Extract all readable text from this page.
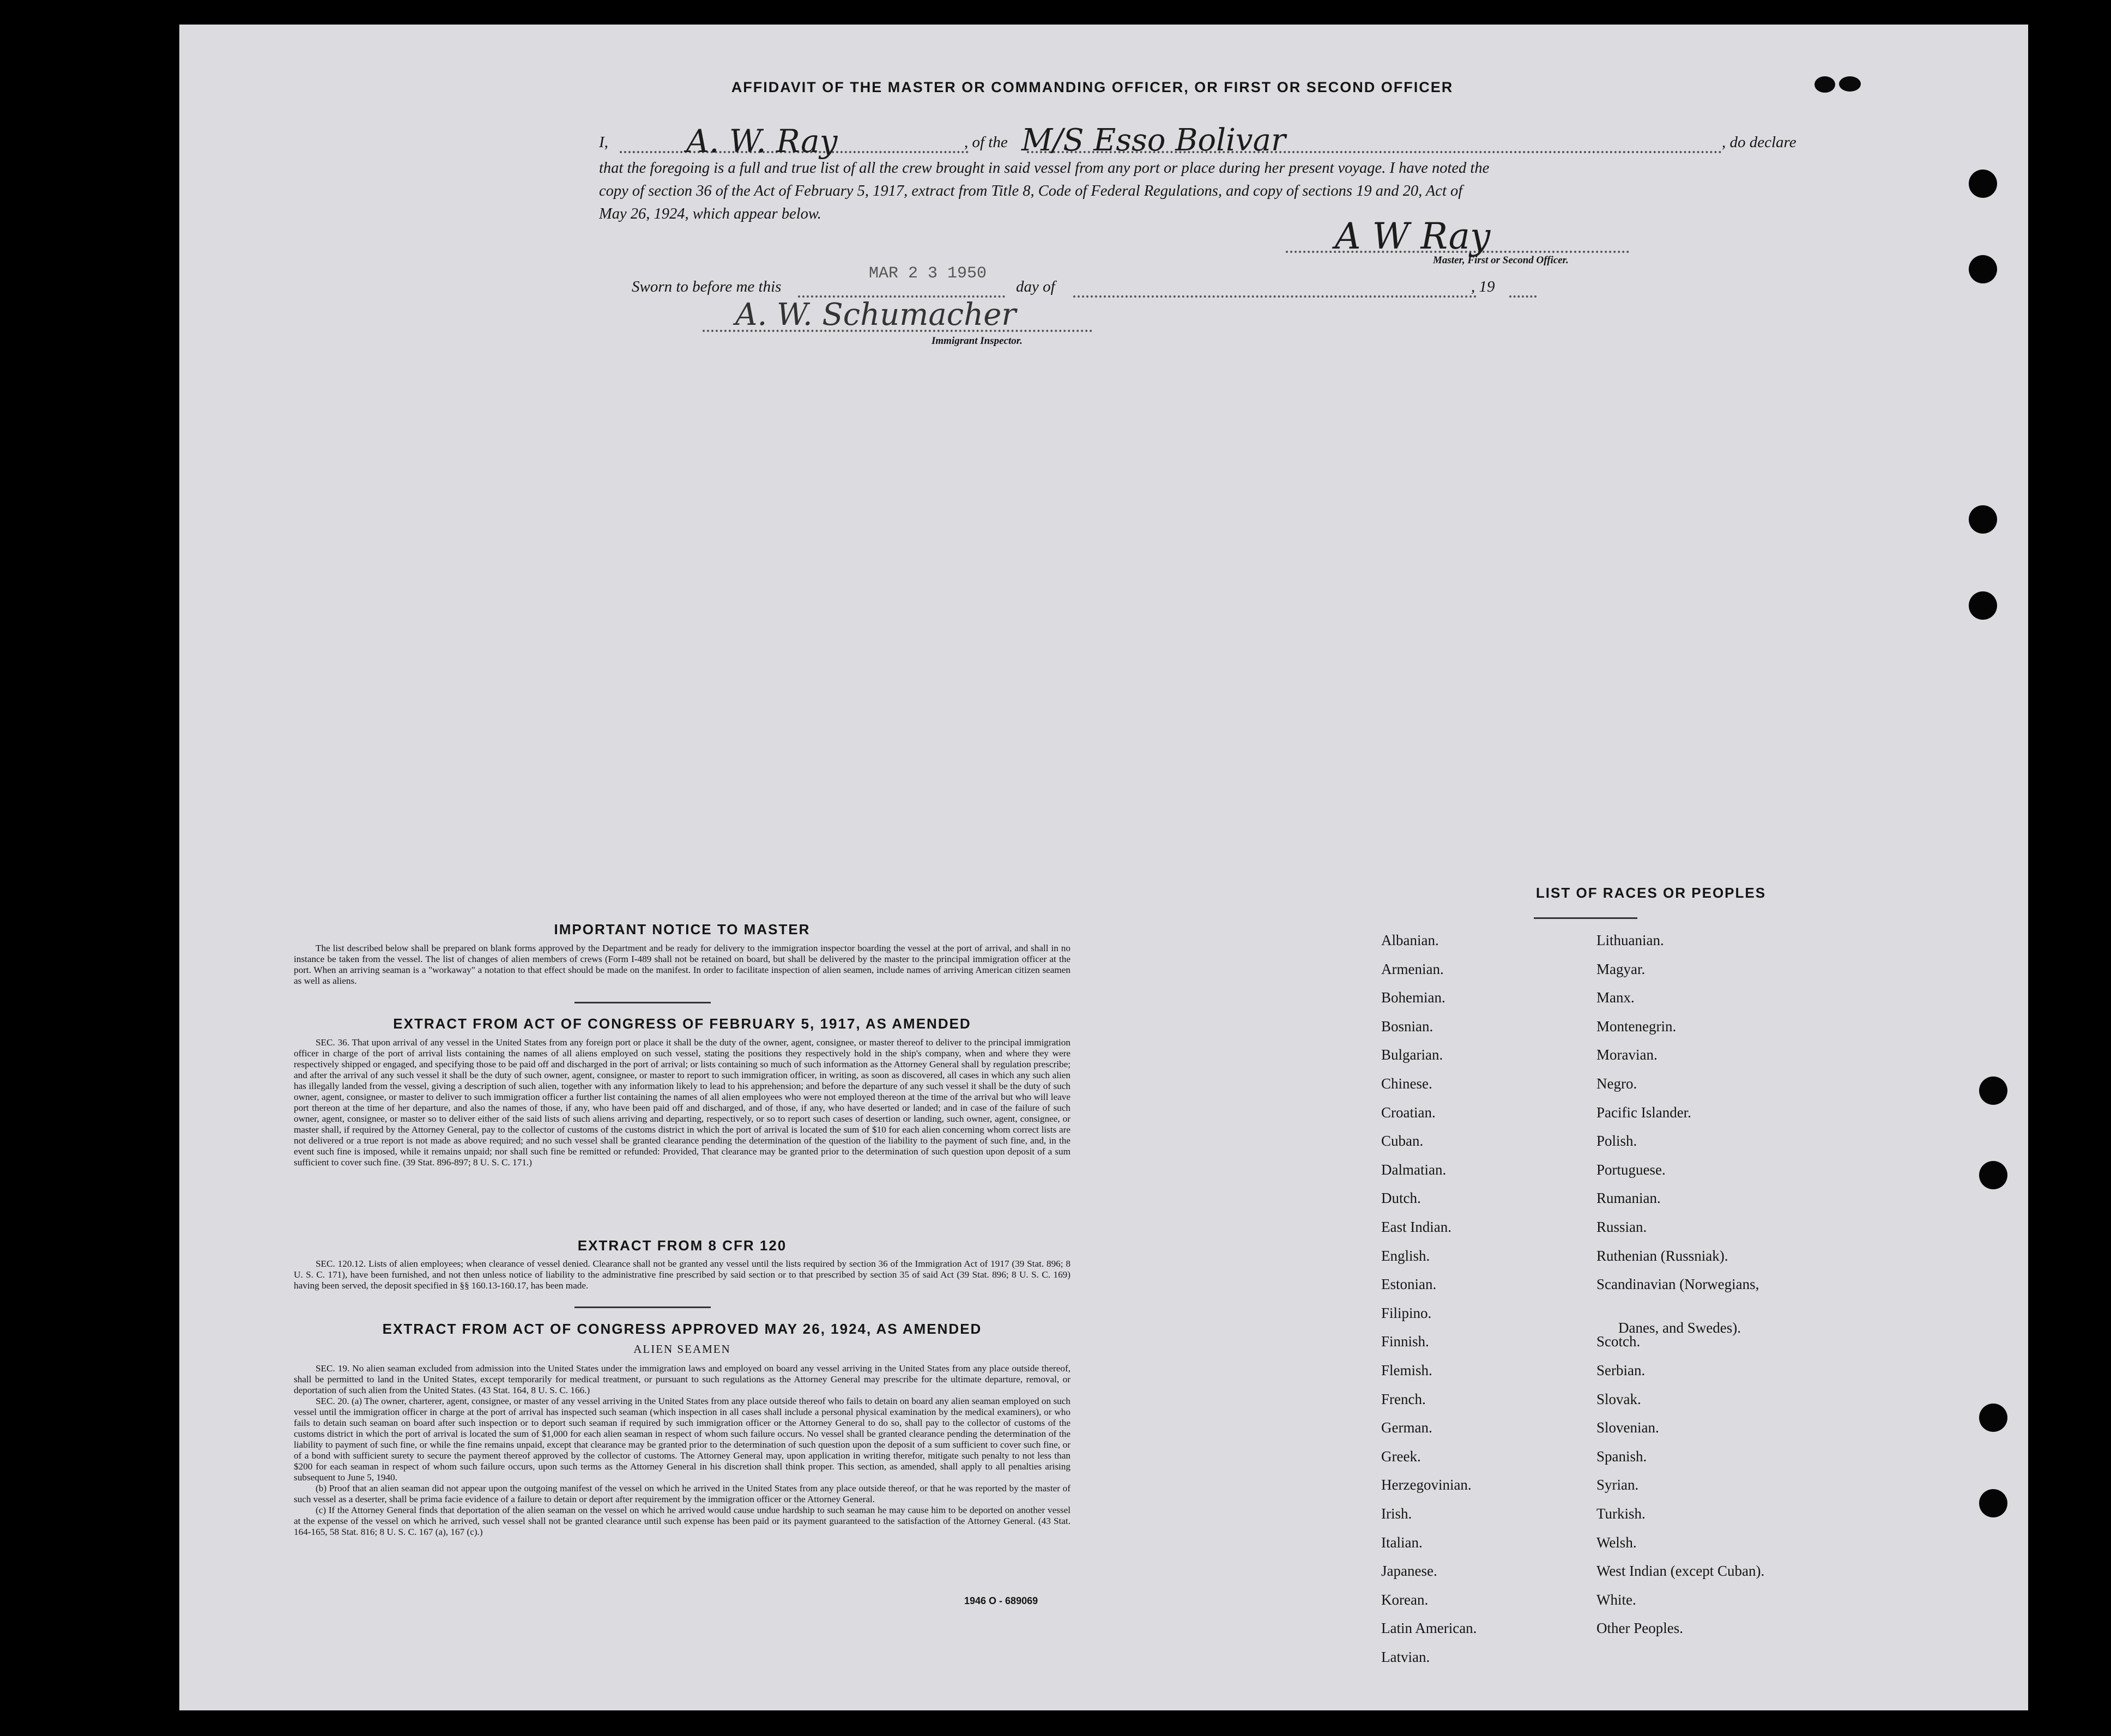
AFFIDAVIT OF THE MASTER OR COMMANDING OFFICER, OR FIRST OR SECOND OFFICER
I, A. W. Ray	, of the M/S Esso Bolivar	, do declare
that the foregoing is a full and true list of all the crew brought in said vessel from any port or place during her present voyage. I have noted the
copy of section 36 of the Act of February 5, 1917, extract from Title 8, Code of Federal Regulations, and copy of sections 19 and 20, Act of
May 26, 1924, which appear below.
A W Ray
Master, First or Second Officer.
Sworn to before me this
MAR 2 3 1950
day of	, 19
A. W. Schumacher
Immigrant Inspector.
IMPORTANT NOTICE TO MASTER

The list described below shall be prepared on blank forms approved by the Department and be ready for delivery to the immigration inspector boarding the vessel at the port of arrival, and shall in no instance be taken from the vessel. The list of changes of alien members of crews (Form I-489 shall not be retained on board, but shall be delivered by the master to the principal immigration officer at the port. When an arriving seaman is a "workaway" a notation to that effect should be made on the manifest. In order to facilitate inspection of alien seamen, include names of arriving American citizen seamen as well as aliens.

EXTRACT FROM ACT OF CONGRESS OF FEBRUARY 5, 1917, AS AMENDED

SEC. 36. That upon arrival of any vessel in the United States from any foreign port or place it shall be the duty of the owner, agent, consignee, or master thereof to deliver to the principal immigration officer in charge of the port of arrival lists containing the names of all aliens employed on such vessel, stating the positions they respectively hold in the ship's company, when and where they were respectively shipped or engaged, and specifying those to be paid off and discharged in the port of arrival; or lists containing so much of such information as the Attorney General shall by regulation prescribe; and after the arrival of any such vessel it shall be the duty of such owner, agent, consignee, or master to report to such immigration officer, in writing, as soon as discovered, all cases in which any such alien has illegally landed from the vessel, giving a description of such alien, together with any information likely to lead to his apprehension; and before the departure of any such vessel it shall be the duty of such owner, agent, consignee, or master to deliver to such immigration officer a further list containing the names of all alien employees who were not employed thereon at the time of the arrival but who will leave port thereon at the time of her departure, and also the names of those, if any, who have been paid off and discharged, and of those, if any, who have deserted or landed; and in case of the failure of such owner, agent, consignee, or master so to deliver either of the said lists of such aliens arriving and departing, respectively, or so to report such cases of desertion or landing, such owner, agent, consignee, or master shall, if required by the Attorney General, pay to the collector of customs of the customs district in which the port of arrival is located the sum of $10 for each alien concerning whom correct lists are not delivered or a true report is not made as above required; and no such vessel shall be granted clearance pending the determination of the question of the liability to the payment of such fine, and, in the event such fine is imposed, while it remains unpaid; nor shall such fine be remitted or refunded: Provided, That clearance may be granted prior to the determination of such question upon deposit of a sum sufficient to cover such fine. (39 Stat. 896-897; 8 U. S. C. 171.)

EXTRACT FROM 8 CFR 120

SEC. 120.12. Lists of alien employees; when clearance of vessel denied. Clearance shall not be granted any vessel until the lists required by section 36 of the Immigration Act of 1917 (39 Stat. 896; 8 U. S. C. 171), have been furnished, and not then unless notice of liability to the administrative fine prescribed by said section or to that prescribed by section 35 of said Act (39 Stat. 896; 8 U. S. C. 169) having been served, the deposit specified in §§ 160.13-160.17, has been made.

EXTRACT FROM ACT OF CONGRESS APPROVED MAY 26, 1924, AS AMENDED
ALIEN SEAMEN

SEC. 19. No alien seaman excluded from admission into the United States under the immigration laws and employed on board any vessel arriving in the United States from any place outside thereof, shall be permitted to land in the United States, except temporarily for medical treatment, or pursuant to such regulations as the Attorney General may prescribe for the ultimate departure, removal, or deportation of such alien from the United States. (43 Stat. 164, 8 U. S. C. 166.)

SEC. 20. (a) The owner, charterer, agent, consignee, or master of any vessel arriving in the United States from any place outside thereof who fails to detain on board any alien seaman employed on such vessel until the immigration officer in charge at the port of arrival has inspected such seaman (which inspection in all cases shall include a personal physical examination by the medical examiners), or who fails to detain such seaman on board after such inspection or to deport such seaman if required by such immigration officer or the Attorney General to do so, shall pay to the collector of customs of the customs district in which the port of arrival is located the sum of $1,000 for each alien seaman in respect of whom such failure occurs. No vessel shall be granted clearance pending the determination of the liability to payment of such fine, or while the fine remains unpaid, except that clearance may be granted prior to the determination of such question upon the deposit of a sum sufficient to cover such fine, or of a bond with sufficient surety to secure the payment thereof approved by the collector of customs. The Attorney General may, upon application in writing therefor, mitigate such penalty to not less than $200 for each seaman in respect of whom such failure occurs, upon such terms as the Attorney General in his discretion shall think proper. This section, as amended, shall apply to all penalties arising subsequent to June 5, 1940.

(b) Proof that an alien seaman did not appear upon the outgoing manifest of the vessel on which he arrived in the United States from any place outside thereof, or that he was reported by the master of such vessel as a deserter, shall be prima facie evidence of a failure to detain or deport after requirement by the immigration officer or the Attorney General.

(c) If the Attorney General finds that deportation of the alien seaman on the vessel on which he arrived would cause undue hardship to such seaman he may cause him to be deported on another vessel at the expense of the vessel on which he arrived, such vessel shall not be granted clearance until such expense has been paid or its payment guaranteed to the satisfaction of the Attorney General. (43 Stat. 164-165, 58 Stat. 816; 8 U. S. C. 167 (a), 167 (c).)

1946 O - 689069
LIST OF RACES OR PEOPLES
Albanian.
Armenian.
Bohemian.
Bosnian.
Bulgarian.
Chinese.
Croatian.
Cuban.
Dalmatian.
Dutch.
East Indian.
English.
Estonian.
Filipino.
Finnish.
Flemish.
French.
German.
Greek.
Herzegovinian.
Irish.
Italian.
Japanese.
Korean.
Latin American.
Latvian.
Lithuanian.
Magyar.
Manx.
Montenegrin.
Moravian.
Negro.
Pacific Islander.
Polish.
Portuguese.
Rumanian.
Russian.
Ruthenian (Russniak).
Scandinavian (Norwegians,
Danes, and Swedes).
Scotch.
Serbian.
Slovak.
Slovenian.
Spanish.
Syrian.
Turkish.
Welsh.
West Indian (except Cuban).
White.
Other Peoples.
